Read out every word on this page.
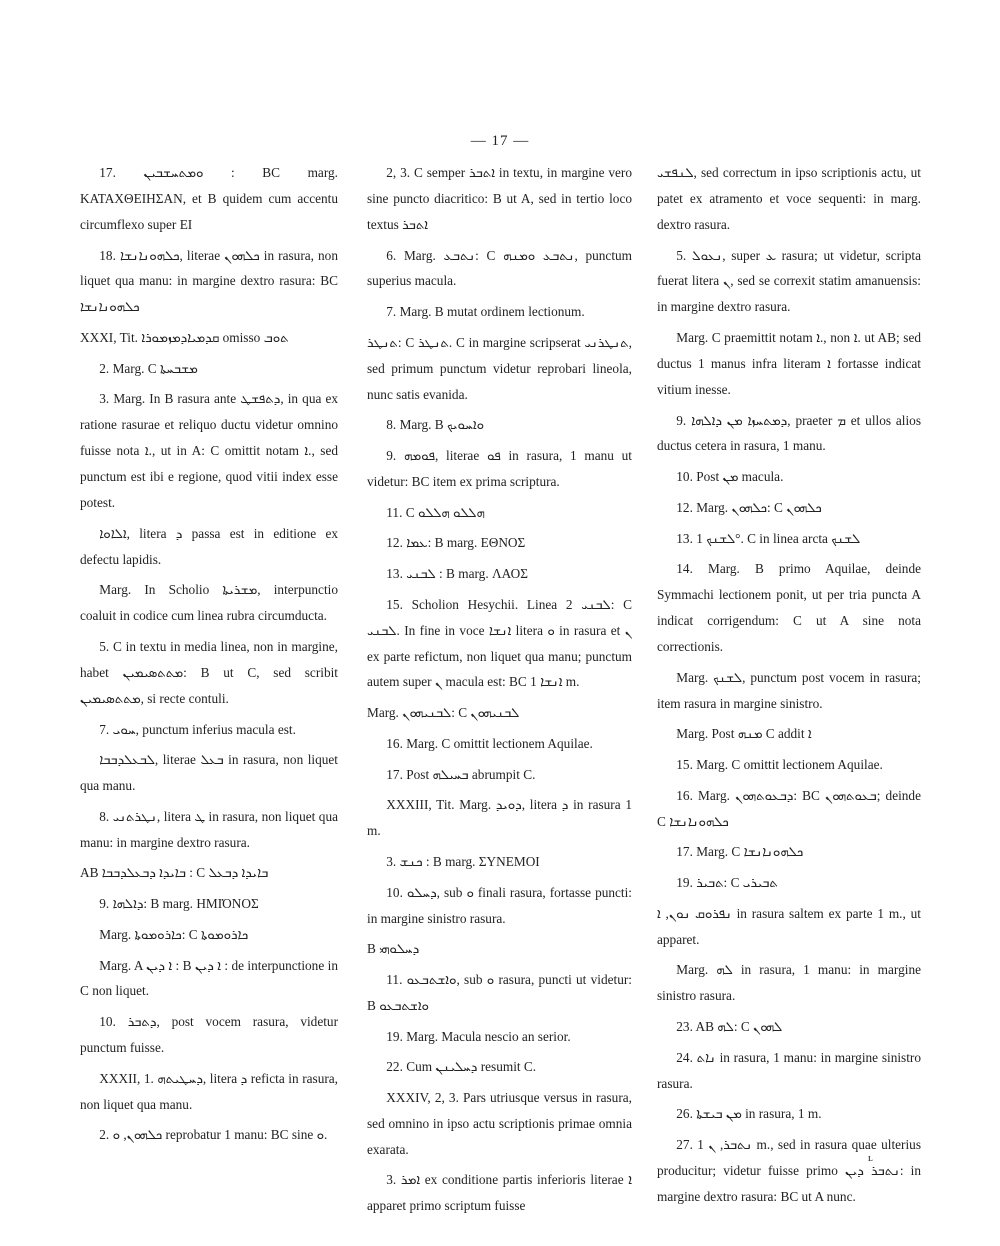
— 17 —

17. ܘܡܬܚܫܒܝܢ : BC marg. ΚΑΤΑΧΘΕΙΗΣΑΝ, et B quidem cum accentu circumflexo super ΕΙ

18. ܟܠܗܘܢܐܢܫܐ, literae ܟܠܗܘܢ in rasura, non liquet qua manu: in margine dextro rasura: BC ܟܠܗܘܢܐܢܫܐ

XXXI, Tit. ܩܕܡܝܐܕܡܙܡܘܪܐ omisso ܬܘܒ

2. Marg. C ܡܫܒܚܬܐ

3. Marg. In B rasura ante ܕܬܦܫܛ, in qua ex ratione rasurae et reliquo ductu videtur omnino fuisse nota ܐ., ut in A: C omittit notam ܐ., sed punctum est ibi e regione, quod vitii index esse potest.

ܐܠܐܘܐ, litera ܕ passa est in editione ex defectu lapidis.

Marg. In Scholio ܡܫܪܝܬܐ, interpunctio coaluit in codice cum linea rubra circumducta.

5. C in textu in media linea, non in margine, habet ܡܬܬܣܝܡܝܢ: B ut C, sed scribit ܡܬܬܣܝܡܝܢ, si recte contuli.

7. ܚܘܝ, punctum inferius macula est.

ܠܒܥܠܕܒܒܐ, literae ܒܥܠ in rasura, non liquet qua manu.

8. ܢܛܪܬܢܝ, litera ܛ in rasura, non liquet qua manu: in margine dextro rasura.

AB ܒܐܝܕܐ ܕܒܥܠܕܒܒܐ : C ܒܐܝܕܐ ܕܒܥܠ

9. ܕܐܠܗܐ: B marg. ΗΜΙΌΝΟΣ

Marg. ܟܐܪܘܡܘܬܐ: C ܟܐܪܘܡܘܬܐ

Marg. A ܐ ܕܝܢ : B ܐ ܕܝܢ : de interpunctione in C non liquet.

10. ܕܬܒܪ, post vocem rasura, videtur punctum fuisse.

XXXII, 1. ܕܚܛܝܬܗ, litera ܕ reficta in rasura, non liquet qua manu.

2. ܟܠܗܘܢ, ܘ reprobatur 1 manu: BC sine ܘ.

2, 3. C semper ܐܬܒܪ in textu, in margine vero sine puncto diacritico: B ut A, sed in tertio loco textus ܐܬܒܪ

6. Marg. ܢܬܒܥ: C ܢܬܒܥ ܘܡܢܗ, punctum superius macula.

7. Marg. B mutat ordinem lectionum.

ܬܢܛܪ: C ܬܢܛܪ. C in margine scripserat ܬܢܛܪܢܝ, sed primum punctum videtur reprobari lineola, nunc satis evanida.

8. Marg. B ܘܐܚܘܝܟ

9. ܦܘܡܗ, literae ܦܘ in rasura, 1 manu ut videtur: BC item ex prima scriptura.

11. C ܗܠܠܘ ܗܠܠܘ

12. ܥܡܐ: B marg. ΕΘΝΟΣ

13. ܠܒܢܝ : B marg. ΛΑΟΣ

15. Scholion Hesychii. Linea 2 ܠܒܢܝ: C ܠܒܢܝ. In fine in voce ܐܢܫܐ litera ܘ in rasura et ܢ ex parte refictum, non liquet qua manu; punctum autem super ܢ macula est: BC ܐܢܫܐ 1 m.

Marg. ܠܒܢܝܗܘܢ: C ܠܒܢܝܗܘܢ

16. Marg. C omittit lectionem Aquilae.

17. Post ܒܚܝܠܗ abrumpit C.

XXXIII, Tit. Marg. ܕܘܝܕ, litera ܕ in rasura 1 m.

3. ܟܢܫ : B marg. ΣΥΝΕΜΟΙ

10. ܕܚܠܘ, sub ܘ finali rasura, fortasse puncti: in margine sinistro rasura.

B ܕܚܠܘܗܝ

11. ܘܐܫܬܒܥܘ, sub ܘ rasura, puncti ut videtur: B ܘܐܫܬܒܥܘ

19. Marg. Macula nescio an serior.

22. Cum ܕܚܠܝܢܢ resumit C.

XXXIV, 2, 3. Pars utriusque versus in rasura, sed omnino in ipso actu scriptionis primae omnia exarata.

3. ܐܡܪ ex conditione partis inferioris literae ܐ apparet primo scriptum fuisse

ܠܢܦܫܝ, sed correctum in ipso scriptionis actu, ut patet ex atramento et voce sequenti: in marg. dextro rasura.

5. ܢܥܘܠ, super ܥ rasura; ut videtur, scripta fuerat litera ܢ, sed se correxit statim amanuensis: in margine dextro rasura.

Marg. C praemittit notam ܐ., non ܐ. ut AB; sed ductus 1 manus infra literam ܐ fortasse indicat vitium inesse.

9. ܕܡܬܚܙܐ ܡܢ ܕܐܠܗܐ, praeter ܡ et ullos alios ductus cetera in rasura, 1 manu.

10. Post ܡܢ macula.

12. Marg. ܟܠܗܘܢ: C ܟܠܗܘܢ

13. ܠܫܢܟ 1°. C in linea arcta ܠܫܢܟ

14. Marg. B primo Aquilae, deinde Symmachi lectionem ponit, ut per tria puncta A indicat corrigendum: C ut A sine nota correctionis.

Marg. ܠܫܢܟ, punctum post vocem in rasura; item rasura in margine sinistro.

Marg. Post ܡܢܗ C addit ܐ

15. Marg. C omittit lectionem Aquilae.

16. Marg. ܕܒܥܘܬܗܘܢ: BC ܒܥܘܬܗܘܢ; deinde C ܟܠܗܘܢܐܢܫܐ

17. Marg. C ܟܠܗܘܢܐܢܫܐ

19. ܬܒܝܪ: C ܬܒܝܪܝ

ܢܦܪܘܩ ܢܘܢ, ܐ in rasura saltem ex parte 1 m., ut apparet.

Marg. ܠܗ in rasura, 1 manu: in margine sinistro rasura.

23. AB ܠܗ: C ܠܗܘܢ

24. ܢܐܬ in rasura, 1 manu: in margine sinistro rasura.

26. ܡܢ ܒܝܫܬܐ in rasura, 1 m.

27. ܢܬܒܪ, ܢ 1 m., sed in rasura quae ulterius producitur; videtur fuisse primo ܢܬܒܪ ܕܝܢ: in margine dextro rasura: BC ut A nunc.

ʟ
